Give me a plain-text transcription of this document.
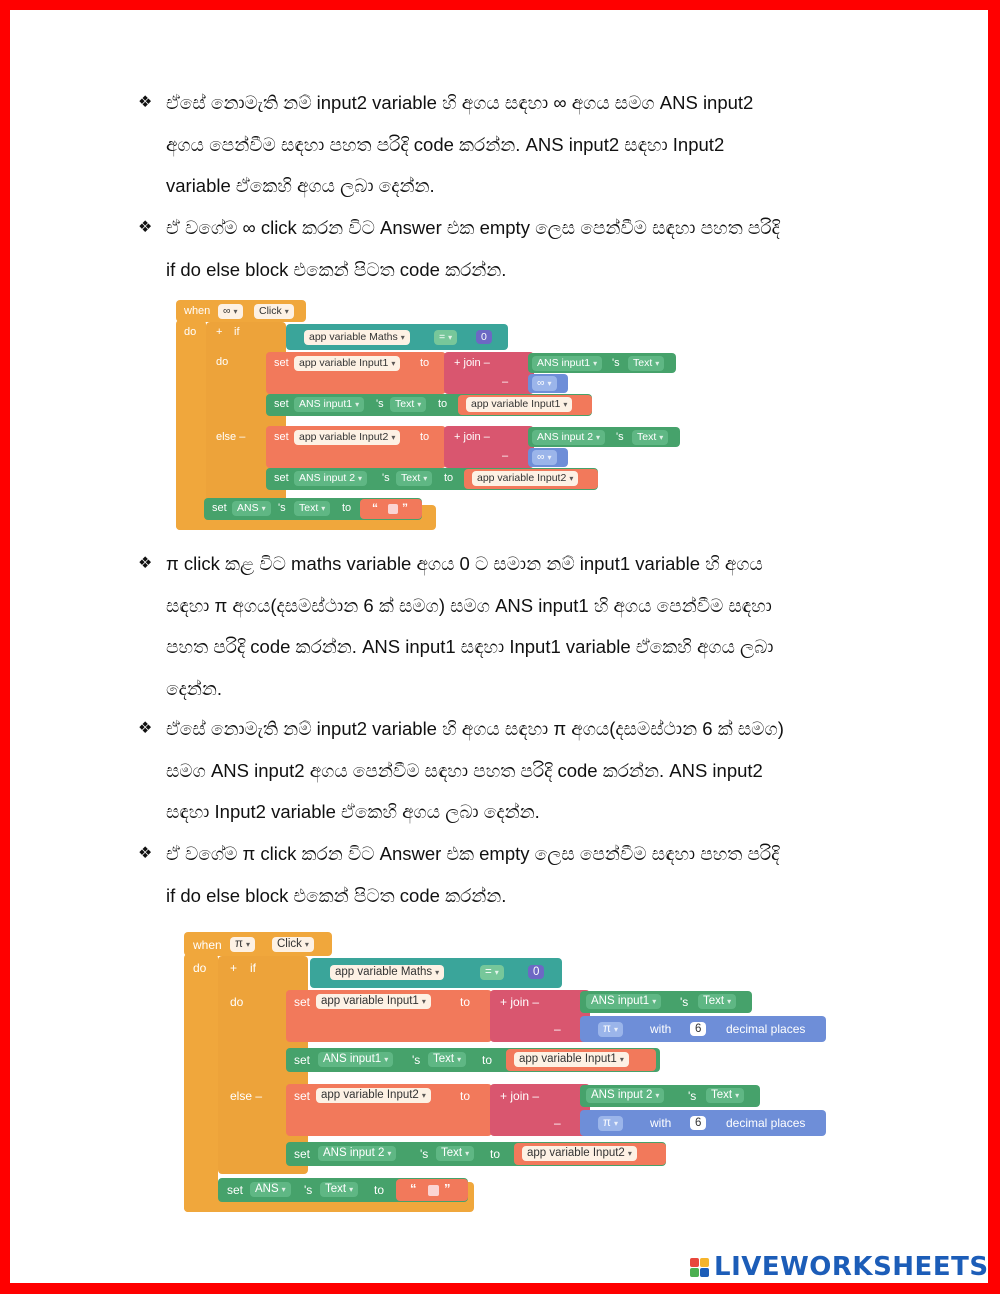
❖ ඒසේ නොමැති නම් input2 variable හි අගය සඳහා ∞ අගය සමග ANS input2
අගය පෙන්වීම සඳහා පහත පරිදි code කරන්න. ANS input2 සඳහා Input2
variable ඒකෙහි අගය ලබා දෙන්න.
❖ ඒ වගේම ∞ click කරන විට Answer එක empty ලෙස පෙන්වීම සඳහා පහත පරිදි
if do else block එකෙන් පිටත code කරන්න.
when	∞ ▾	Click ▾
do + if	app variable Maths ▾	= ▾	0
do
else –
set app variable Input1 ▾	to + join –
–
ANS input1 ▾	's	Text ▾
∞ ▾
set ANS input1 ▾	's	Text ▾	to	app variable Input1 ▾
set app variable Input2 ▾	to + join –
–
ANS input 2 ▾	's	Text ▾
∞ ▾
set ANS input 2 ▾	's	Text ▾	to	app variable Input2 ▾
set ANS ▾	's	Text ▾	to “ ”
❖ π click කළ විට maths variable අගය 0 ට සමාන නම් input1 variable හි අගය
සඳහා π අගය(දසමස්ථාන 6 ක් සමග) සමග ANS input1 හි අගය පෙන්වීම සඳහා
පහත පරිදි code කරන්න. ANS input1 සඳහා Input1 variable ඒකෙහි අගය ලබා
දෙන්න.
❖ ඒසේ නොමැති නම් input2 variable හි අගය සඳහා π අගය(දසමස්ථාන 6 ක් සමග)
සමග ANS input2 අගය පෙන්වීම සඳහා පහත පරිදි code කරන්න. ANS input2
සඳහා Input2 variable ඒකෙහි අගය ලබා දෙන්න.
❖ ඒ වගේම π click කරන විට Answer එක empty ලෙස පෙන්වීම සඳහා පහත පරිදි
if do else block එකෙන් පිටත code කරන්න.
when	π ▾	Click ▾
do + if	app variable Maths ▾	= ▾	0
do
else –
set app variable Input1 ▾	to + join –
–
ANS input1 ▾	's	Text ▾
π ▾	with	6	decimal places
set	ANS input1 ▾	's	Text ▾	to	app variable Input1 ▾
set app variable Input2 ▾	to + join –
–
ANS input 2 ▾	's	Text ▾
π ▾	with	6	decimal places
set	ANS input 2 ▾	's	Text ▾	to	app variable Input2 ▾
set	ANS ▾	's	Text ▾	to “ ”
LIVEWORKSHEETS
